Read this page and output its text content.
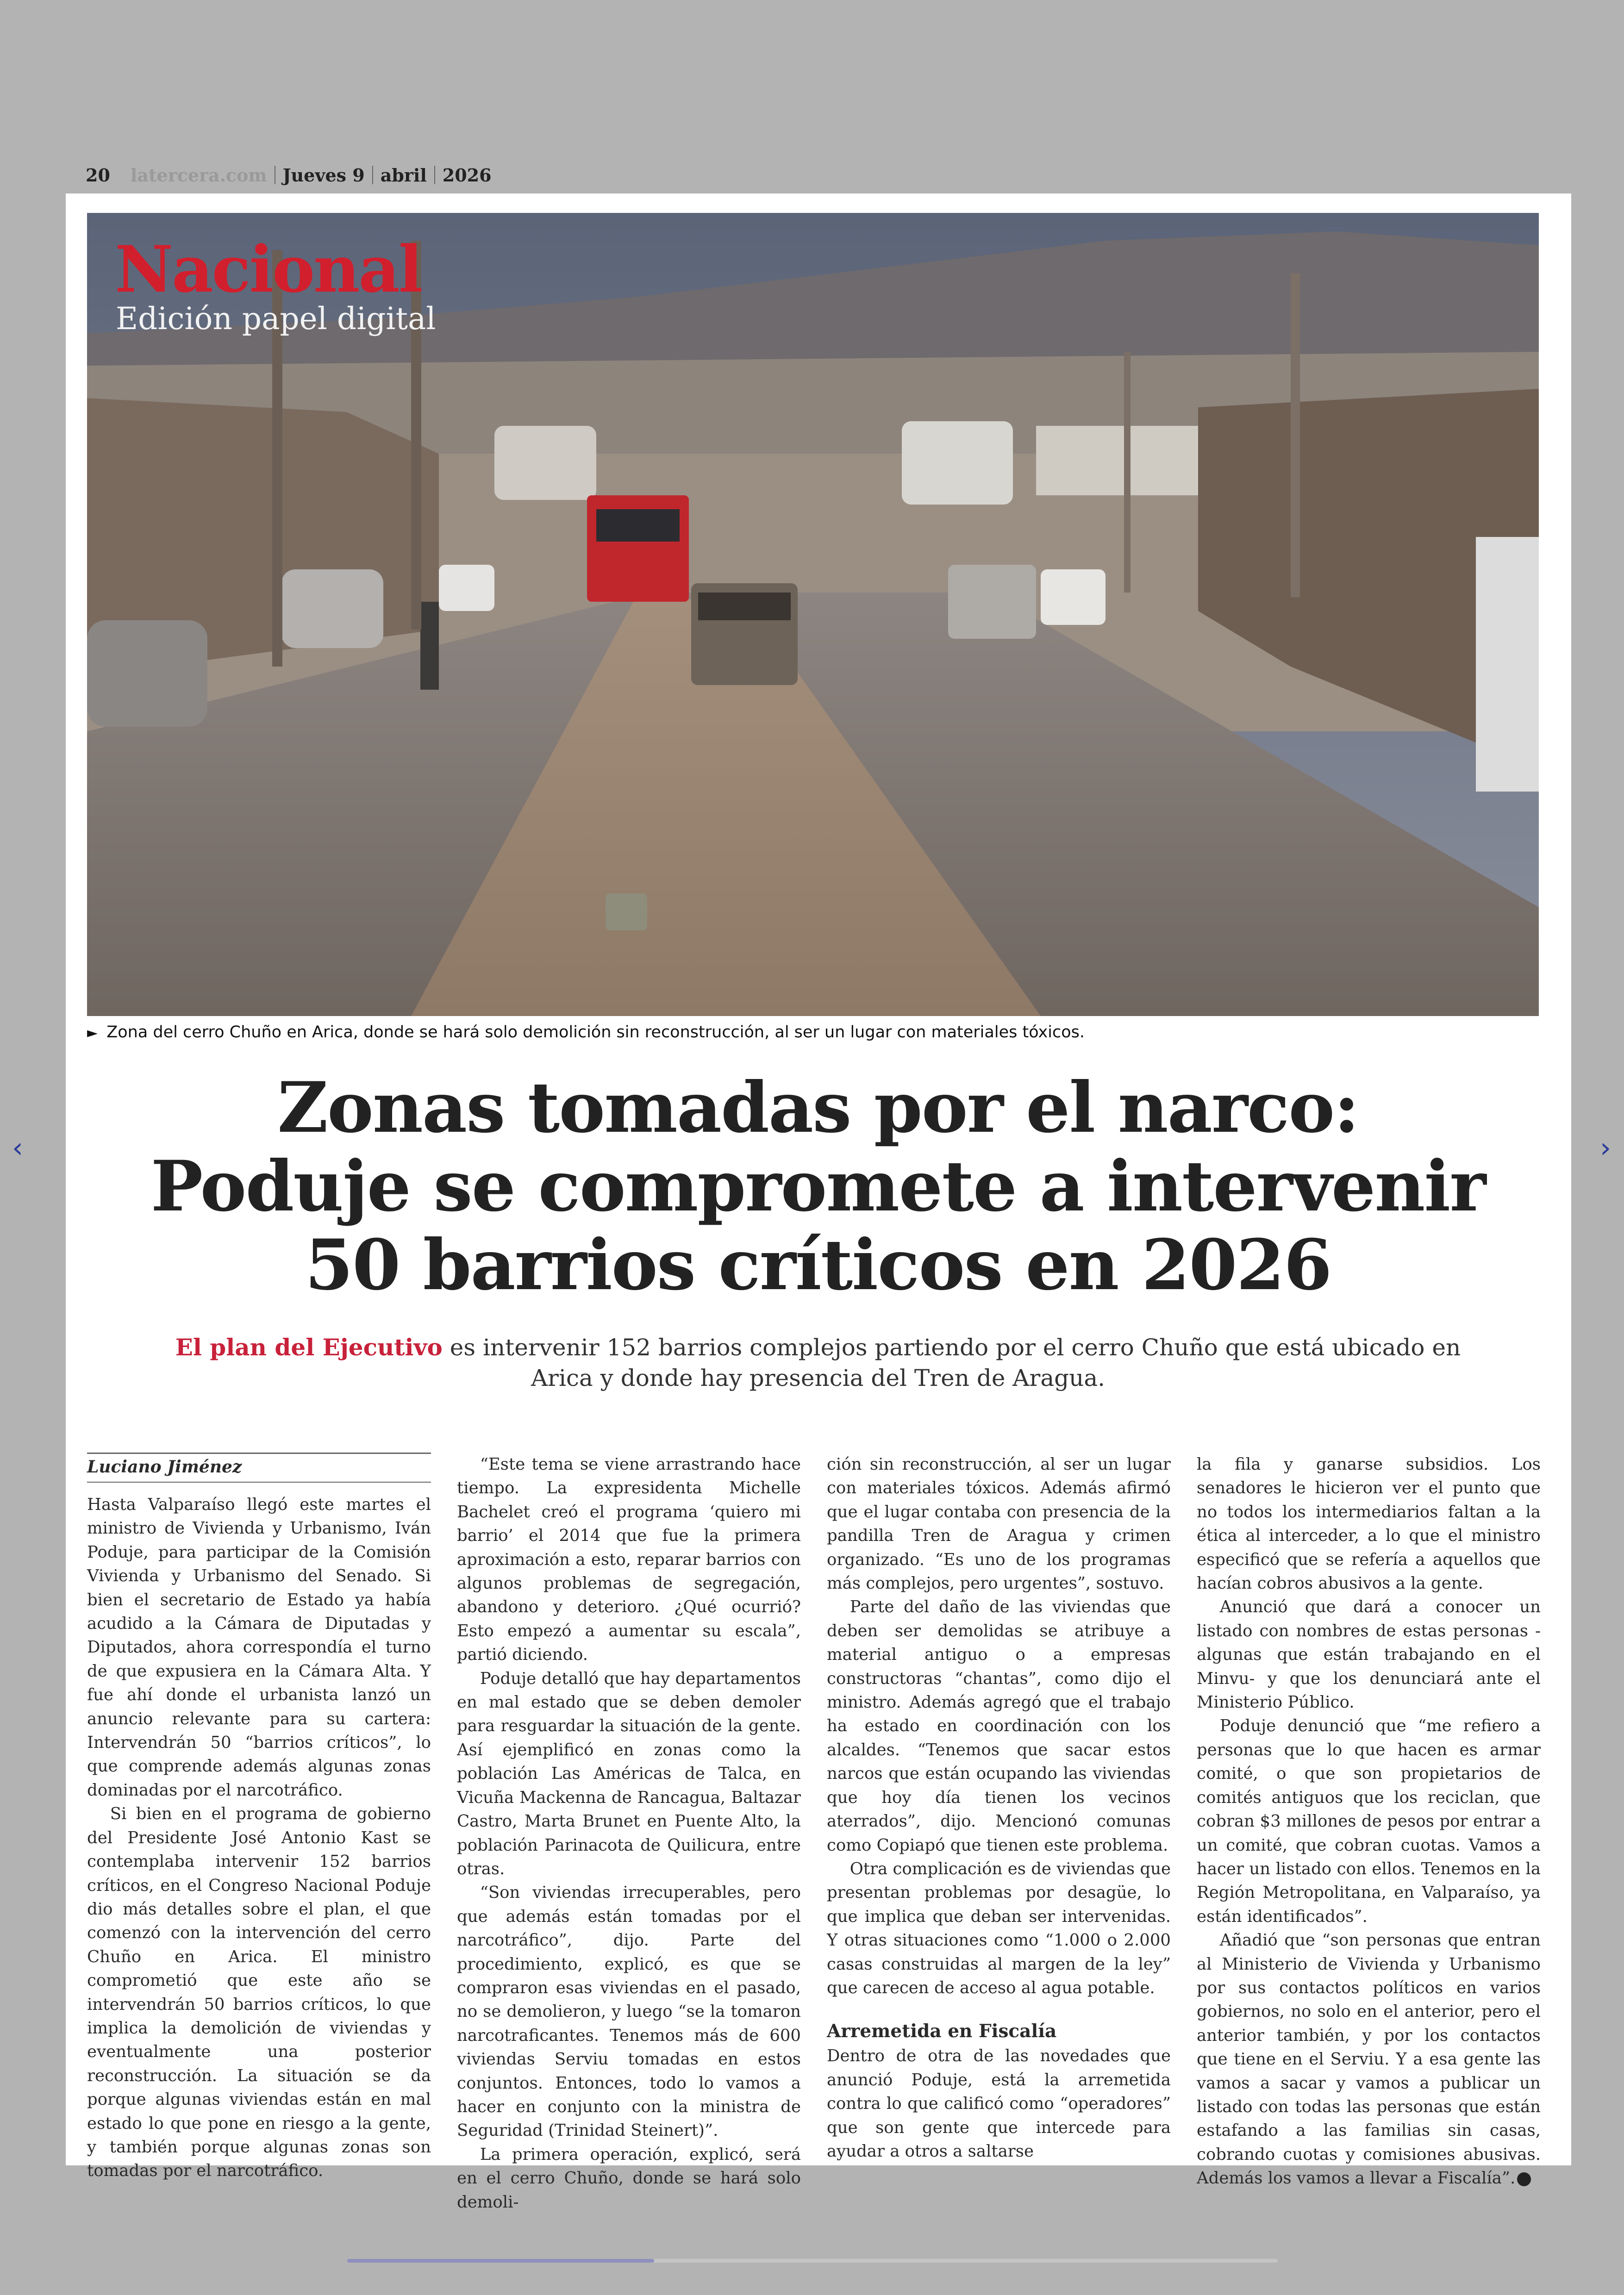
20 latercera.com Jueves 9 abril 2026
‹	›
Nacional
Edición papel digital
► Zona del cerro Chuño en Arica, donde se hará solo demolición sin reconstrucción, al ser un lugar con materiales tóxicos.
Zonas tomadas por el narco:
Poduje se compromete a intervenir
50 barrios críticos en 2026
El plan del Ejecutivo es intervenir 152 barrios complejos partiendo por el cerro Chuño que está ubicado en Arica y donde hay presencia del Tren de Aragua.
Luciano Jiménez

Hasta Valparaíso llegó este martes el ministro de Vivienda y Urbanismo, Iván Poduje, para participar de la Comisión Vivienda y Urbanismo del Senado. Si bien el secretario de Estado ya había acudido a la Cámara de Diputadas y Diputados, ahora correspondía el turno de que expusiera en la Cámara Alta. Y fue ahí donde el urbanista lanzó un anuncio relevante para su cartera: Intervendrán 50 “barrios críticos”, lo que comprende además algunas zonas dominadas por el narcotráfico.

Si bien en el programa de gobierno del Presidente José Antonio Kast se contemplaba intervenir 152 barrios críticos, en el Congreso Nacional Poduje dio más detalles sobre el plan, el que comenzó con la intervención del cerro Chuño en Arica. El ministro comprometió que este año se intervendrán 50 barrios críticos, lo que implica la demolición de viviendas y eventualmente una posterior reconstrucción. La situación se da porque algunas viviendas están en mal estado lo que pone en riesgo a la gente, y también porque algunas zonas son tomadas por el narcotráfico.

“Este tema se viene arrastrando hace tiempo. La expresidenta Michelle Bachelet creó el programa ‘quiero mi barrio’ el 2014 que fue la primera aproximación a esto, reparar barrios con algunos problemas de segregación, abandono y deterioro. ¿Qué ocurrió? Esto empezó a aumentar su escala”, partió diciendo.

Poduje detalló que hay departamentos en mal estado que se deben demoler para resguardar la situación de la gente. Así ejemplificó en zonas como la población Las Américas de Talca, en Vicuña Mackenna de Rancagua, Baltazar Castro, Marta Brunet en Puente Alto, la población Parinacota de Quilicura, entre otras.

“Son viviendas irrecuperables, pero que además están tomadas por el narcotráfico”, dijo. Parte del procedimiento, explicó, es que se compraron esas viviendas en el pasado, no se demolieron, y luego “se la tomaron narcotraficantes. Tenemos más de 600 viviendas Serviu tomadas en estos conjuntos. Entonces, todo lo vamos a hacer en conjunto con la ministra de Seguridad (Trinidad Steinert)”.

La primera operación, explicó, será en el cerro Chuño, donde se hará solo demoli-

ción sin reconstrucción, al ser un lugar con materiales tóxicos. Además afirmó que el lugar contaba con presencia de la pandilla Tren de Aragua y crimen organizado. “Es uno de los programas más complejos, pero urgentes”, sostuvo.

Parte del daño de las viviendas que deben ser demolidas se atribuye a material antiguo o a empresas constructoras “chantas”, como dijo el ministro. Además agregó que el trabajo ha estado en coordinación con los alcaldes. “Tenemos que sacar estos narcos que están ocupando las viviendas que hoy día tienen los vecinos aterrados”, dijo. Mencionó comunas como Copiapó que tienen este problema.

Otra complicación es de viviendas que presentan problemas por desagüe, lo que implica que deban ser intervenidas. Y otras situaciones como “1.000 o 2.000 casas construidas al margen de la ley” que carecen de acceso al agua potable.

Arremetida en Fiscalía

Dentro de otra de las novedades que anunció Poduje, está la arremetida contra lo que calificó como “operadores” que son gente que intercede para ayudar a otros a saltarse

la fila y ganarse subsidios. Los senadores le hicieron ver el punto que no todos los intermediarios faltan a la ética al interceder, a lo que el ministro especificó que se refería a aquellos que hacían cobros abusivos a la gente.

Anunció que dará a conocer un listado con nombres de estas personas -algunas que están trabajando en el Minvu- y que los denunciará ante el Ministerio Público.

Poduje denunció que “me refiero a personas que lo que hacen es armar comité, o que son propietarios de comités antiguos que los reciclan, que cobran $3 millones de pesos por entrar a un comité, que cobran cuotas. Vamos a hacer un listado con ellos. Tenemos en la Región Metropolitana, en Valparaíso, ya están identificados”.

Añadió que “son personas que entran al Ministerio de Vivienda y Urbanismo por sus contactos políticos en varios gobiernos, no solo en el anterior, pero el anterior también, y por los contactos que tiene en el Serviu. Y a esa gente las vamos a sacar y vamos a publicar un listado con todas las personas que están estafando a las familias sin casas, cobrando cuotas y comisiones abusivas. Además los vamos a llevar a Fiscalía”.
